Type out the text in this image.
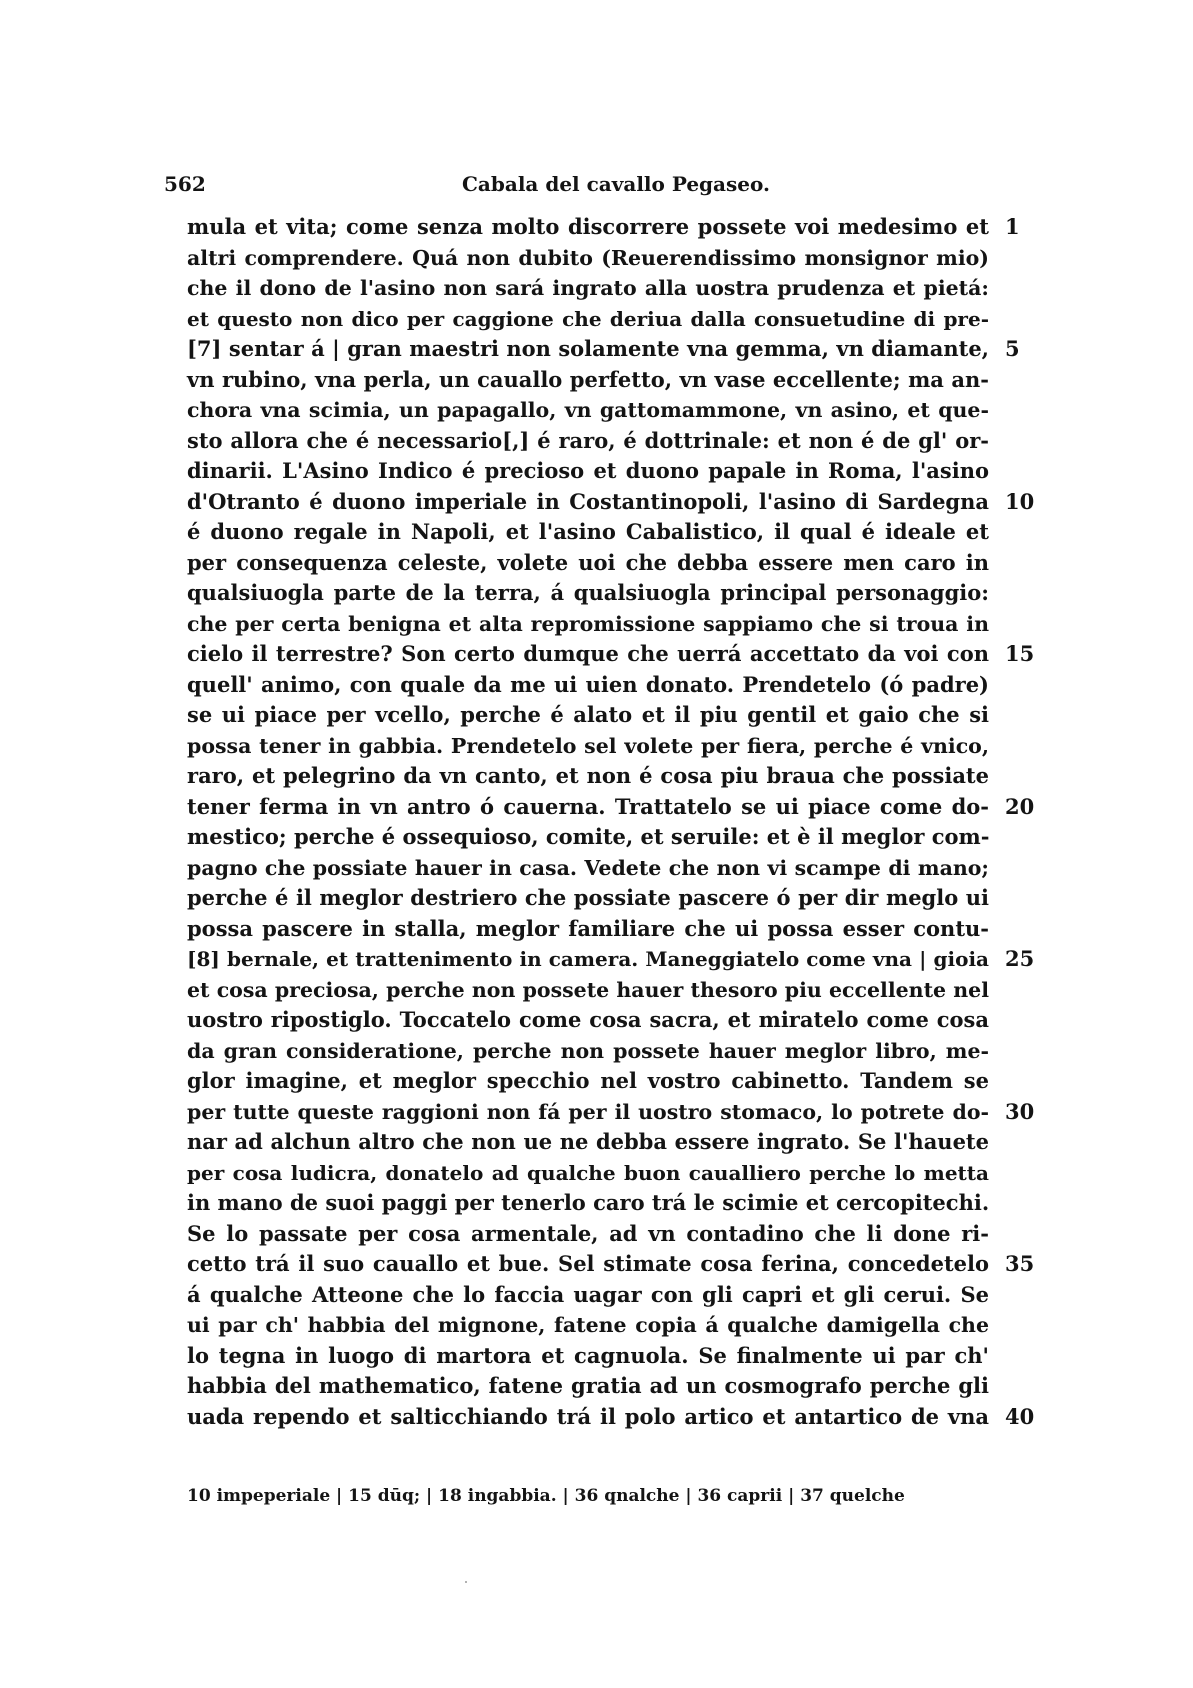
562	Cabala del cavallo Pegaseo.
mula et vita; come senza molto discorrere possete voi medesimo et 1
altri comprendere. Quá non dubito (Reuerendissimo monsignor mio)
che il dono de l'asino non sará ingrato alla uostra prudenza et pietá:
et questo non dico per caggione che deriua dalla consuetudine di pre-
[7] sentar á | gran maestri non solamente vna gemma, vn diamante, 5
vn rubino, vna perla, un cauallo perfetto, vn vase eccellente; ma an-
chora vna scimia, un papagallo, vn gattomammone, vn asino, et que-
sto allora che é necessario[,] é raro, é dottrinale: et non é de gl' or-
dinarii. L'Asino Indico é precioso et duono papale in Roma, l'asino
d'Otranto é duono imperiale in Costantinopoli, l'asino di Sardegna 10
é duono regale in Napoli, et l'asino Cabalistico, il qual é ideale et
per consequenza celeste, volete uoi che debba essere men caro in
qualsiuogla parte de la terra, á qualsiuogla principal personaggio:
che per certa benigna et alta repromissione sappiamo che si troua in
cielo il terrestre? Son certo dumque che uerrá accettato da voi con 15
quell' animo, con quale da me ui uien donato. Prendetelo (ó padre)
se ui piace per vcello, perche é alato et il piu gentil et gaio che si
possa tener in gabbia. Prendetelo sel volete per fiera, perche é vnico,
raro, et pelegrino da vn canto, et non é cosa piu braua che possiate
tener ferma in vn antro ó cauerna. Trattatelo se ui piace come do- 20
mestico; perche é ossequioso, comite, et seruile: et è il meglor com-
pagno che possiate hauer in casa. Vedete che non vi scampe di mano;
perche é il meglor destriero che possiate pascere ó per dir meglo ui
possa pascere in stalla, meglor familiare che ui possa esser contu-
[8] bernale, et trattenimento in camera. Maneggiatelo come vna | gioia 25
et cosa preciosa, perche non possete hauer thesoro piu eccellente nel
uostro ripostiglo. Toccatelo come cosa sacra, et miratelo come cosa
da gran consideratione, perche non possete hauer meglor libro, me-
glor imagine, et meglor specchio nel vostro cabinetto. Tandem se
per tutte queste raggioni non fá per il uostro stomaco, lo potrete do- 30
nar ad alchun altro che non ue ne debba essere ingrato. Se l'hauete
per cosa ludicra, donatelo ad qualche buon caualliero perche lo metta
in mano de suoi paggi per tenerlo caro trá le scimie et cercopitechi.
Se lo passate per cosa armentale, ad vn contadino che li done ri-
cetto trá il suo cauallo et bue. Sel stimate cosa ferina, concedetelo 35
á qualche Atteone che lo faccia uagar con gli capri et gli cerui. Se
ui par ch' habbia del mignone, fatene copia á qualche damigella che
lo tegna in luogo di martora et cagnuola. Se finalmente ui par ch'
habbia del mathematico, fatene gratia ad un cosmografo perche gli
uada rependo et salticchiando trá il polo artico et antartico de vna 40
10 impeperiale | 15 dūq; | 18 ingabbia. | 36 qnalche | 36 caprii | 37 quelche
